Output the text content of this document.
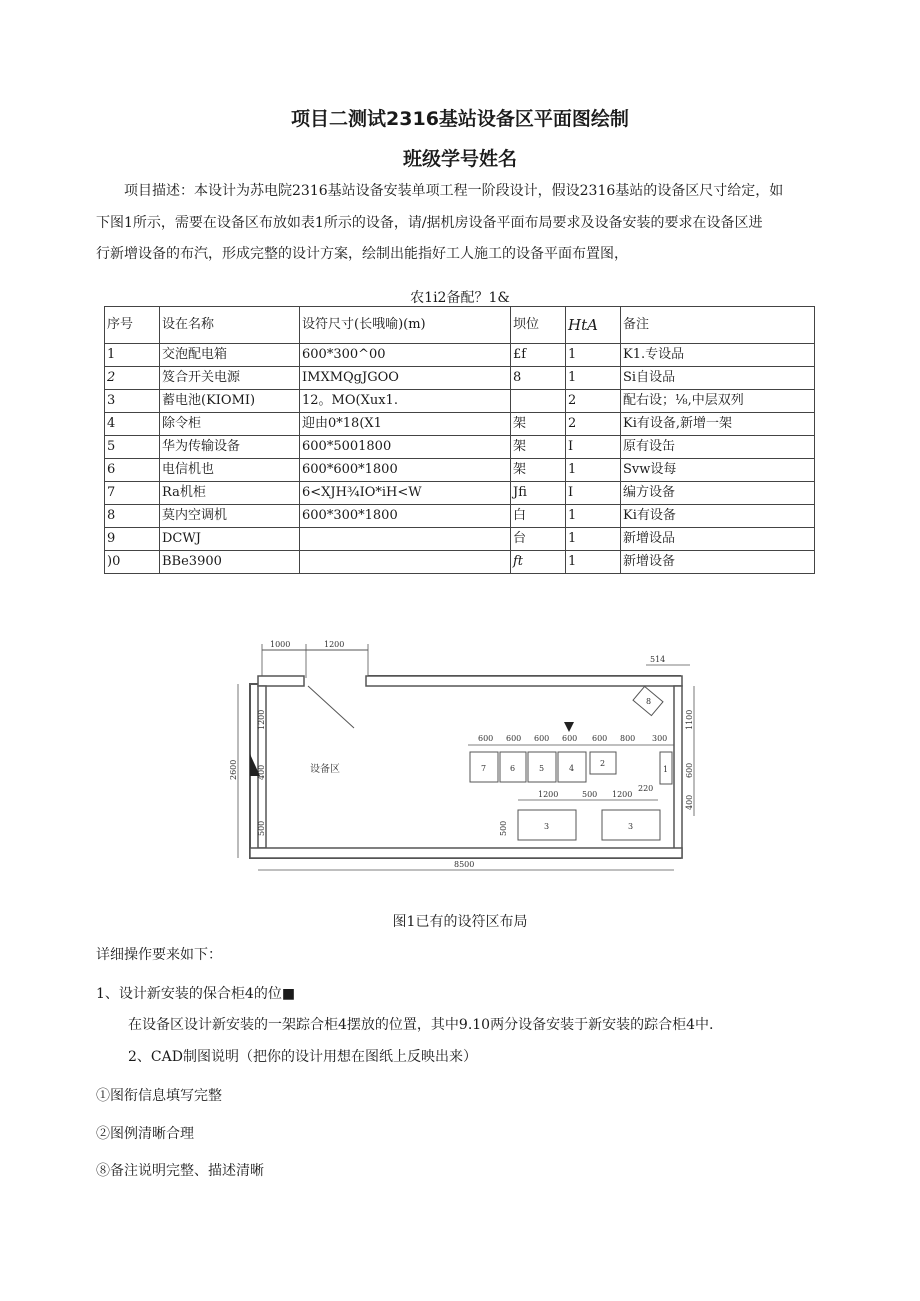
项目二测试2316基站设备区平面图绘制
班级学号姓名
项目描述：本设计为苏电院2316基站设备安装单项工程一阶段设计，假设2316基站的设备区尺寸给定，如
下图1所示，需要在设备区布放如表1所示的设备，请/据机房设备平面布局要求及设备安装的要求在设备区进
行新增设备的布汽，形成完整的设计方案，绘制出能指好工人施工的设备平面布置图，
农1i2备配？1&
序号	设在名称	设符尺寸(长哦喻)(m)	坝位	HtA	备注
1	交泡配电箱	600*300^00	£f	1	K1.专设品
2	笈合开关电源	IMXMQgJGOO	8	1	Si自设品
3	蓄电池(KIOMI)	12。MO(Xux1.		2	配右设；⅛,中层双列
4	除令柜	迎由0*18(X1	架	2	Ki有设备,新增一架
5	华为传输设备	600*5001800	架	I	原有设缶
6	电信机也	600*600*1800	架	1	Svw设每
7	Ra机柜	6<XJH¾IO*iH<W	Jfi	I	编方设备
8	莫内空调机	600*300*1800	白	1	Ki有设备
9	DCWJ		台	1	新增设品
)0	BBe3900		ft	1	新增设备
1000	1200
514
2600
1200
400
500
设备区
600 600 600 600 600 800 300
7	6	5	4
2
1
8
1100
600
400
1200	500 1200
220
500	3	3
8500
图1已有的设符区布局
详细操作要来如下：
1、设计新安装的保合柜4的位■
在设备区设计新安装的一架踪合柜4摆放的位置，其中9.10两分设备安装于新安装的踪合柜4中.
2、CAD制图说明（把你的设计用想在图纸上反映出来）
①图衔信息填写完整
②图例清晰合理
⑧备注说明完整、描述清晰
